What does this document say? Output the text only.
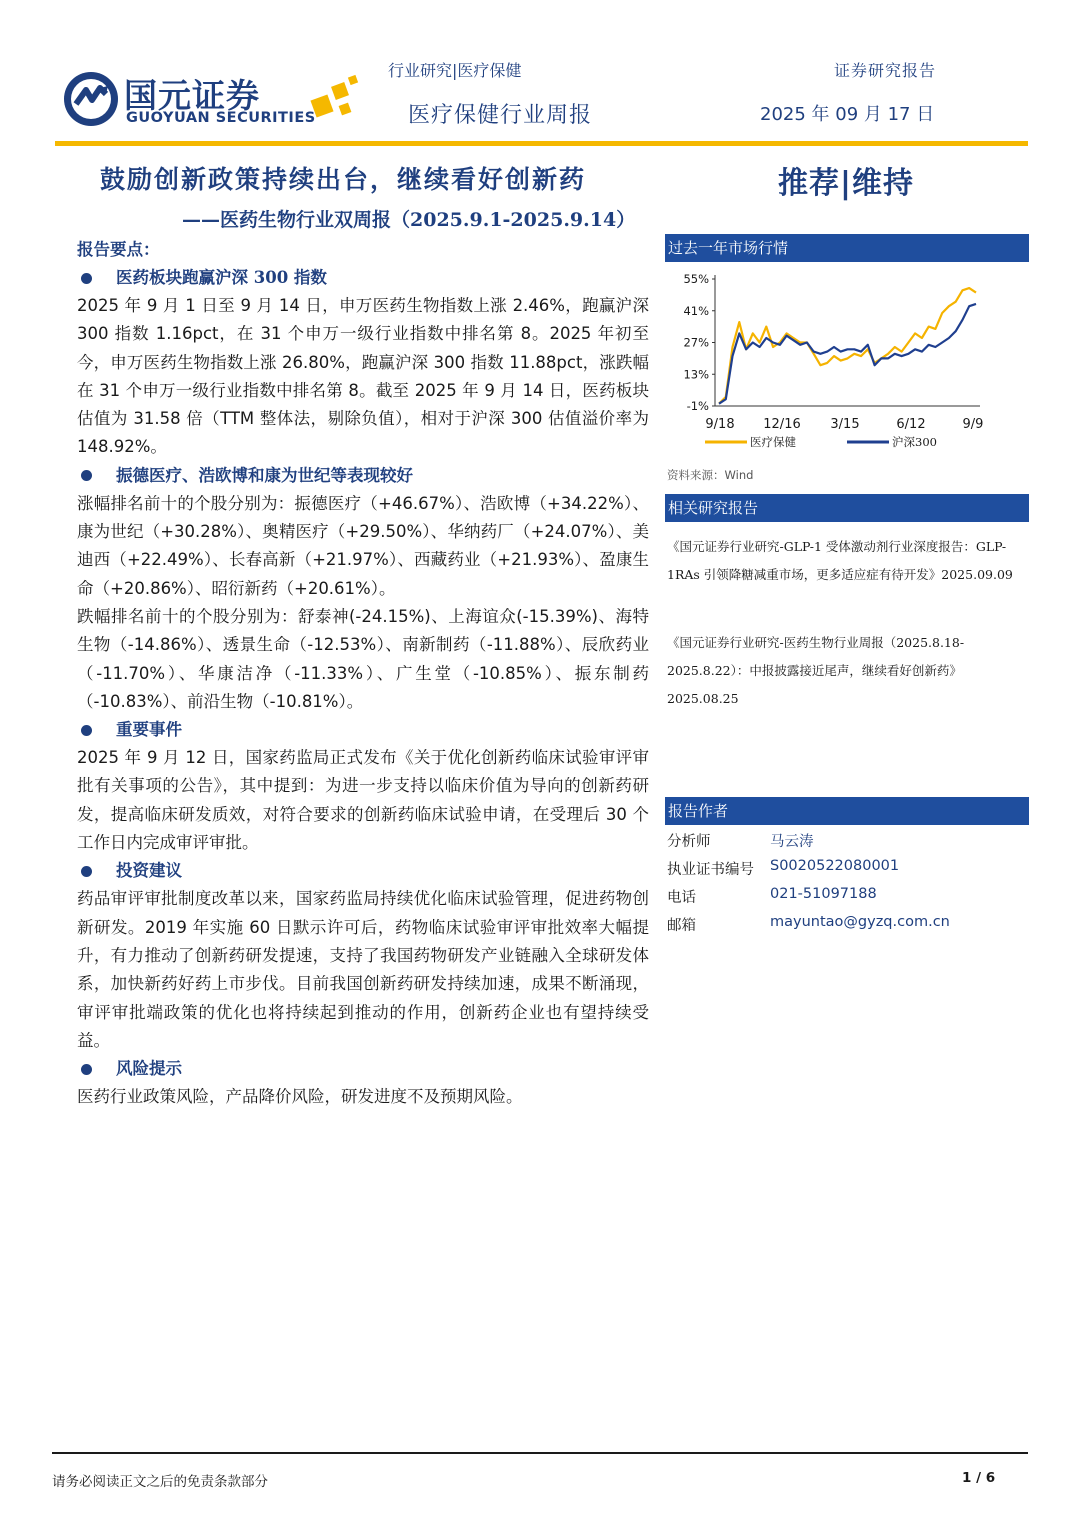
国元证券
GUOYUAN SECURITIES
行业研究|医疗保健
医疗保健行业周报
证券研究报告
2025 年 09 月 17 日
鼓励创新政策持续出台，继续看好创新药
——医药生物行业双周报（2025.9.1-2025.9.14）
推荐|维持
报告要点：
医药板块跑赢沪深 300 指数

2025 年 9 月 1 日至 9 月 14 日，申万医药生物指数上涨 2.46%，跑赢沪深 300 指数 1.16pct，在 31 个申万一级行业指数中排名第 8。2025 年初至今，申万医药生物指数上涨 26.80%，跑赢沪深 300 指数 11.88pct，涨跌幅在 31 个申万一级行业指数中排名第 8。截至 2025 年 9 月 14 日，医药板块估值为 31.58 倍（TTM 整体法，剔除负值），相对于沪深 300 估值溢价率为 148.92%。

振德医疗、浩欧博和康为世纪等表现较好

涨幅排名前十的个股分别为：振德医疗（+46.67%）、浩欧博（+34.22%）、康为世纪（+30.28%）、奥精医疗（+29.50%）、华纳药厂（+24.07%）、美迪西（+22.49%）、长春高新（+21.97%）、西藏药业（+21.93%）、盈康生命（+20.86%）、昭衍新药（+20.61%）。

跌幅排名前十的个股分别为：舒泰神(-24.15%)、上海谊众(-15.39%)、海特生物（-14.86%）、透景生命（-12.53%）、南新制药（-11.88%）、辰欣药业（-11.70%）、华康洁净（-11.33%）、广生堂（-10.85%）、振东制药（-10.83%）、前沿生物（-10.81%）。

重要事件

2025 年 9 月 12 日，国家药监局正式发布《关于优化创新药临床试验审评审批有关事项的公告》，其中提到：为进一步支持以临床价值为导向的创新药研发，提高临床研发质效，对符合要求的创新药临床试验申请，在受理后 30 个工作日内完成审评审批。

投资建议

药品审评审批制度改革以来，国家药监局持续优化临床试验管理，促进药物创新研发。2019 年实施 60 日默示许可后，药物临床试验审评审批效率大幅提升，有力推动了创新药研发提速，支持了我国药物研发产业链融入全球研发体系，加快新药好药上市步伐。目前我国创新药研发持续加速，成果不断涌现，审评审批端政策的优化也将持续起到推动的作用，创新药企业也有望持续受益。

风险提示

医药行业政策风险，产品降价风险，研发进度不及预期风险。

过去一年市场行情
55%
41%
27%
13%
-1%
9/18 12/16 3/15	6/12	9/9
医疗保健	沪深300
资料来源：Wind
相关研究报告
《国元证券行业研究-GLP-1 受体激动剂行业深度报告：GLP-1RAs 引领降糖减重市场，更多适应症有待开发》2025.09.09
《国元证券行业研究-医药生物行业周报（2025.8.18-2025.8.22）：中报披露接近尾声，继续看好创新药》2025.08.25
报告作者
分析师	马云涛
执业证书编号 S0020522080001
电话	021-51097188
邮箱	mayuntao@gyzq.com.cn
请务必阅读正文之后的免责条款部分	1 / 6
